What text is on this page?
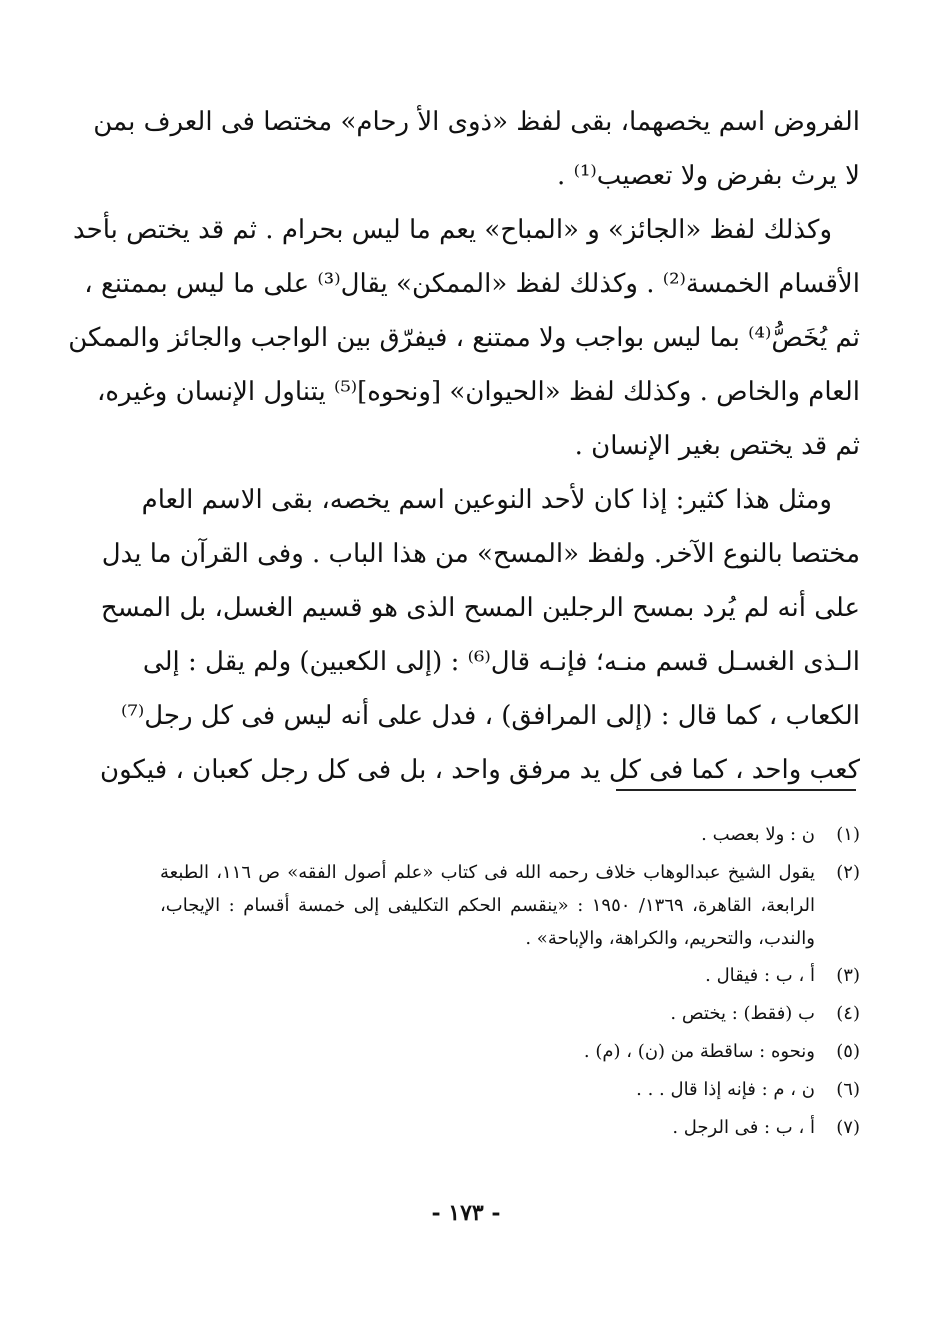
الفروض اسم يخصهما، بقى لفظ «ذوى الأ رحام» مختصا فى العرف بمن
لا يرث بفرض ولا تعصيب⁽¹⁾ .
وكذلك لفظ «الجائز» و «المباح» يعم ما ليس بحرام . ثم قد يختص بأحد
الأقسام الخمسة⁽²⁾ . وكذلك لفظ «الممكن» يقال⁽³⁾ على ما ليس بممتنع ،
ثم يُخَصُّ⁽⁴⁾ بما ليس بواجب ولا ممتنع ، فيفرّق بين الواجب والجائز والممكن
العام والخاص . وكذلك لفظ «الحيوان» [ونحوه]⁽⁵⁾ يتناول الإنسان وغيره،
ثم قد يختص بغير الإنسان .
ومثل هذا كثير: إذا كان لأحد النوعين اسم يخصه، بقى الاسم العام
مختصا بالنوع الآخر. ولفظ «المسح» من هذا الباب . وفى القرآن ما يدل
على أنه لم يُرد بمسح الرجلين المسح الذى هو قسيم الغسل، بل المسح
الـذى الغسـل قسم منـه؛ فإنـه قال⁽⁶⁾ : (إلى الكعبين) ولم يقل : إلى
الكعاب ، كما قال : (إلى المرافق) ، فدل على أنه ليس فى كل رجل⁽⁷⁾
كعب واحد ، كما فى كل يد مرفق واحد ، بل فى كل رجل كعبان ، فيكون
(١)
ن : ولا بعصب .
(٢)
يقول الشيخ عبدالوهاب خلاف رحمه الله فى كتاب «علم أصول الفقه» ص ١١٦، الطبعة
الرابعة، القاهرة، ١٣٦٩/ ١٩٥٠ : «ينقسم الحكم التكليفى إلى خمسة أقسام : الإيجاب،
والندب، والتحريم، والكراهة، والإباحة» .
(٣)
أ ، ب : فيقال .
(٤)
ب (فقط) : يختص .
(٥)
ونحوه : ساقطة من (ن) ، (م) .
(٦)
ن ، م : فإنه إذا قال . . .
(٧)
أ ، ب : فى الرجل .
- ١٧٣ -
